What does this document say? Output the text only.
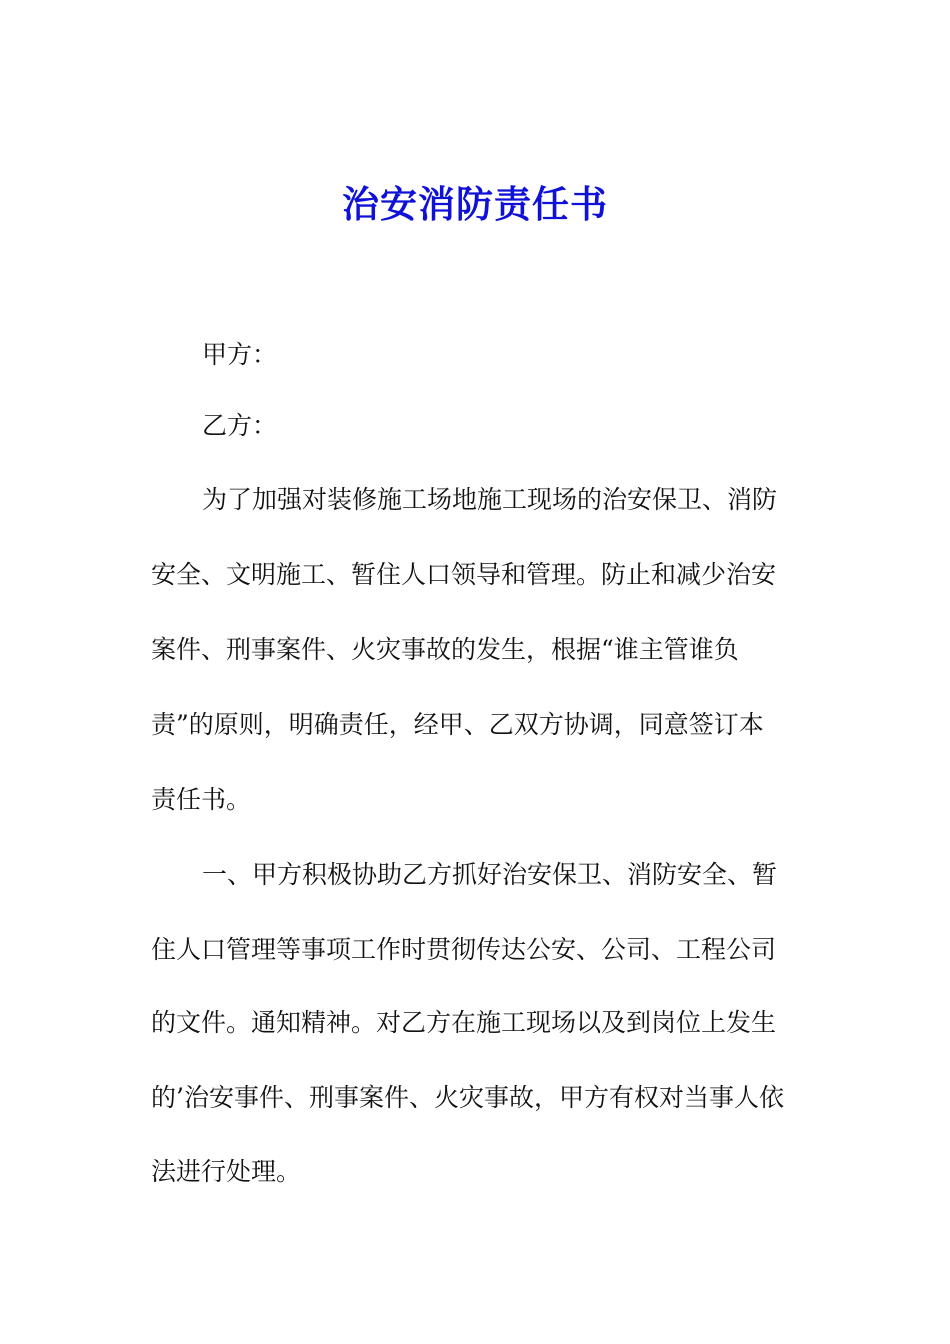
治安消防责任书
甲方：
乙方：
为了加强对装修施工场地施工现场的治安保卫、消防
安全、文明施工、暂住人口领导和管理。防止和减少治安
案件、刑事案件、火灾事故的发生，根据“谁主管谁负
责”的原则，明确责任，经甲、乙双方协调，同意签订本
责任书。
一、甲方积极协助乙方抓好治安保卫、消防安全、暂
住人口管理等事项工作时贯彻传达公安、公司、工程公司
的文件。通知精神。对乙方在施工现场以及到岗位上发生
的’治安事件、刑事案件、火灾事故，甲方有权对当事人依
法进行处理。
